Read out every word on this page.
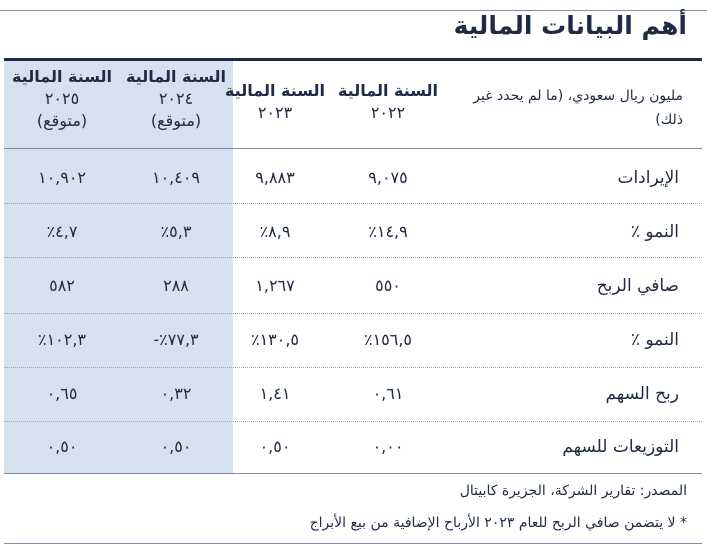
أهم البيانات المالية
السنة المالية
٢٠٢٢
السنة المالية
٢٠٢٣
السنة المالية
٢٠٢٤
(متوقع)
السنة المالية
٢٠٢٥
(متوقع)
مليون ريال سعودي، (ما لم يحدد غير ذلك)
الإيرادات
٩,٠٧٥
٩,٨٨٣
١٠,٤٠٩
١٠,٩٠٢
النمو ٪
٪١٤,٩
٪٨,٩
٪٥,٣
٪٤,٧
صافي الربح
٥٥٠
١,٢٦٧
٢٨٨
٥٨٢
النمو ٪
٪١٥٦,٥
٪١٣٠,٥
-٪٧٧,٣
٪١٠٢,٣
ربح السهم
٠,٦١
١,٤١
٠,٣٢
٠,٦٥
التوزيعات للسهم
٠,٠٠
٠,٥٠
٠,٥٠
٠,٥٠
المصدر: تقارير الشركة، الجزيرة كابيتال
* لا يتضمن صافي الربح للعام ٢٠٢٣ الأرباح الإضافية من بيع الأبراج
